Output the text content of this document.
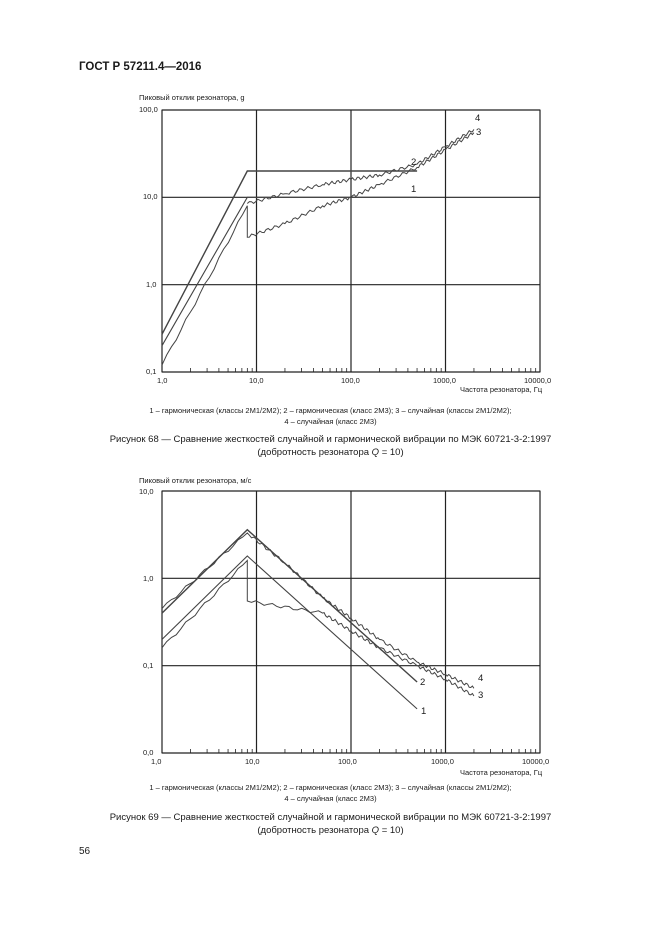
ГОСТ Р 57211.4—2016
Пиковый отклик резонатора, g
Частота резонатора, Гц
1,0	10,0	100,0	1000,0	10000,0
100,0
10,0
1,0
0,1
1
2
3
4
1 – гармоническая (классы 2М1/2М2); 2 – гармоническая (класс 2М3); 3 – случайная (классы 2М1/2М2);
4 – случайная (класс 2М3)
Рисунок 68 — Сравнение жесткостей случайной и гармонической вибрации по МЭК 60721-3-2:1997
(добротность резонатора Q = 10)
Пиковый отклик резонатора, м/с
Частота резонатора, Гц
1,0	10,0	100,0	1000,0	10000,0
10,0
1,0
0,1
0,0
1
2
3
4
1 – гармоническая (классы 2М1/2М2); 2 – гармоническая (класс 2М3); 3 – случайная (классы 2М1/2М2);
4 – случайная (класс 2М3)
Рисунок 69 — Сравнение жесткостей случайной и гармонической вибрации по МЭК 60721-3-2:1997
(добротность резонатора Q = 10)
56
